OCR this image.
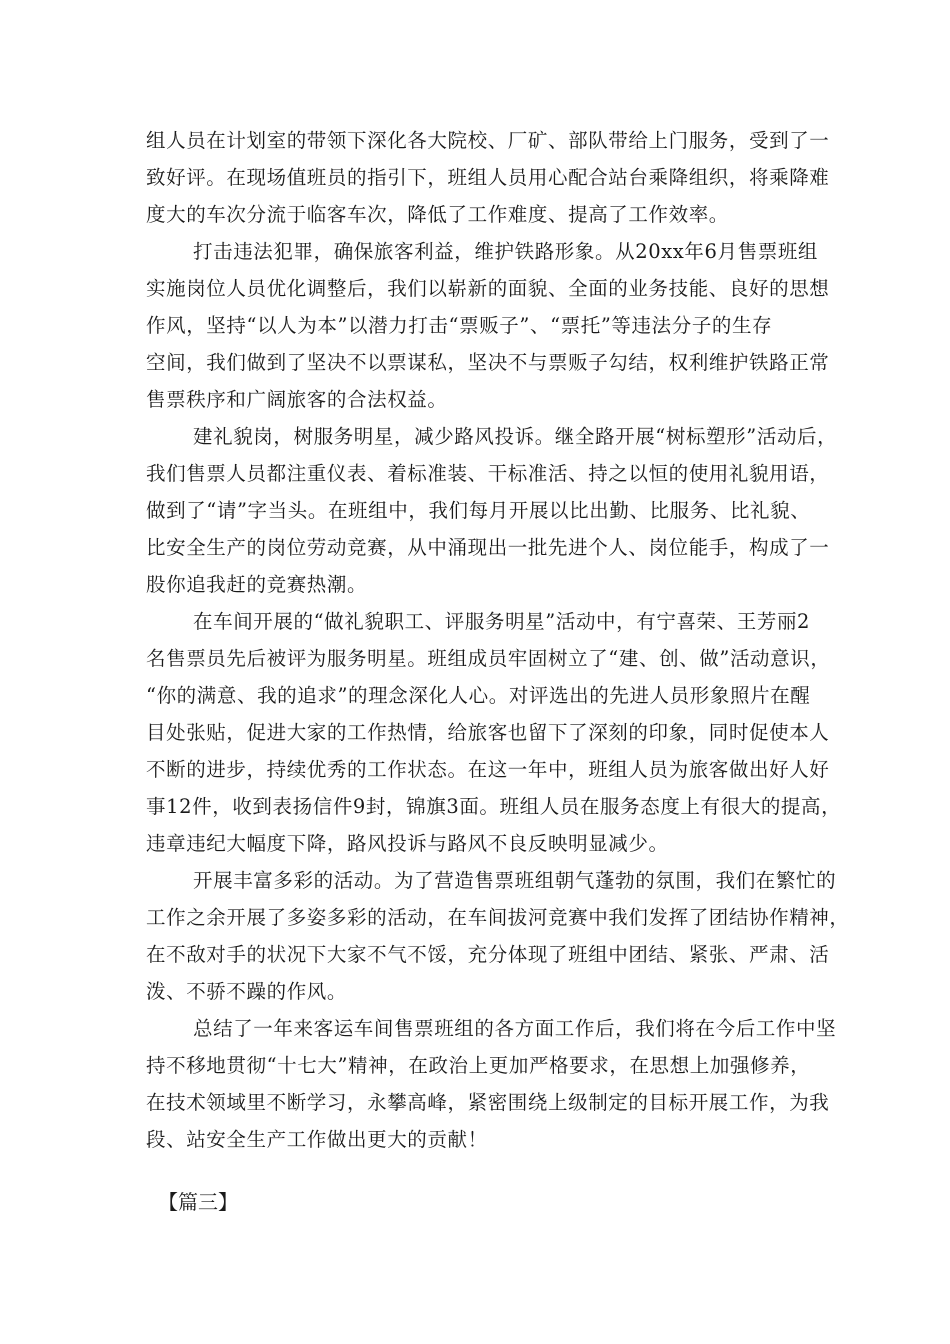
组人员在计划室的带领下深化各大院校、厂矿、部队带给上门服务，受到了一
致好评。在现场值班员的指引下，班组人员用心配合站台乘降组织，将乘降难
度大的车次分流于临客车次，降低了工作难度、提高了工作效率。
打击违法犯罪，确保旅客利益，维护铁路形象。从20xx年6月售票班组
实施岗位人员优化调整后，我们以崭新的面貌、全面的业务技能、良好的思想
作风，坚持“以人为本”以潜力打击“票贩子”、“票托”等违法分子的生存
空间，我们做到了坚决不以票谋私，坚决不与票贩子勾结，权利维护铁路正常
售票秩序和广阔旅客的合法权益。
建礼貌岗，树服务明星，减少路风投诉。继全路开展“树标塑形”活动后，
我们售票人员都注重仪表、着标准装、干标准活、持之以恒的使用礼貌用语，
做到了“请”字当头。在班组中，我们每月开展以比出勤、比服务、比礼貌、
比安全生产的岗位劳动竞赛，从中涌现出一批先进个人、岗位能手，构成了一
股你追我赶的竞赛热潮。
在车间开展的“做礼貌职工、评服务明星”活动中，有宁喜荣、王芳丽2
名售票员先后被评为服务明星。班组成员牢固树立了“建、创、做”活动意识，
“你的满意、我的追求”的理念深化人心。对评选出的先进人员形象照片在醒
目处张贴，促进大家的工作热情，给旅客也留下了深刻的印象，同时促使本人
不断的进步，持续优秀的工作状态。在这一年中，班组人员为旅客做出好人好
事12件，收到表扬信件9封，锦旗3面。班组人员在服务态度上有很大的提高，
违章违纪大幅度下降，路风投诉与路风不良反映明显减少。
开展丰富多彩的活动。为了营造售票班组朝气蓬勃的氛围，我们在繁忙的
工作之余开展了多姿多彩的活动，在车间拔河竞赛中我们发挥了团结协作精神，
在不敌对手的状况下大家不气不馁，充分体现了班组中团结、紧张、严肃、活
泼、不骄不躁的作风。
总结了一年来客运车间售票班组的各方面工作后，我们将在今后工作中坚
持不移地贯彻“十七大”精神，在政治上更加严格要求，在思想上加强修养，
在技术领域里不断学习，永攀高峰，紧密围绕上级制定的目标开展工作，为我
段、站安全生产工作做出更大的贡献！
【篇三】
